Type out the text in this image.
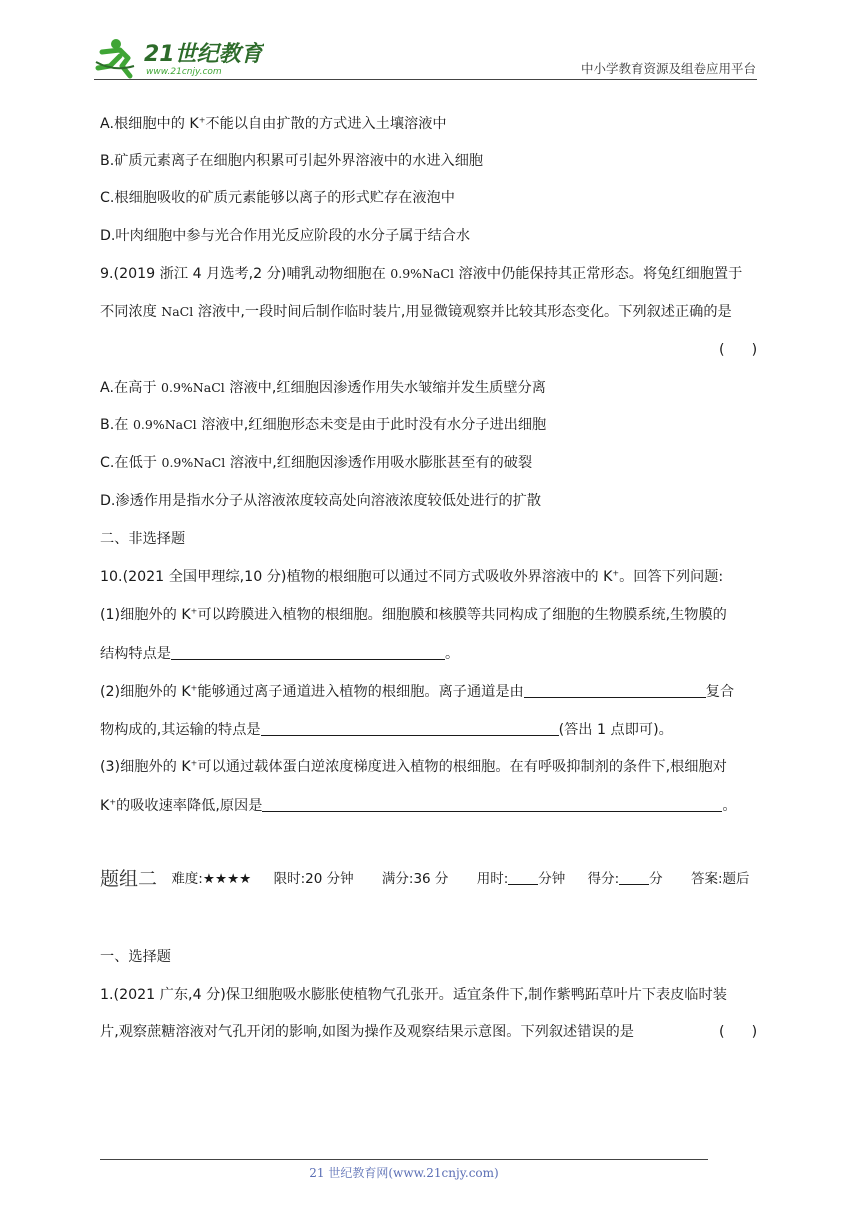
21世纪教育
www.21cnjy.com	中小学教育资源及组卷应用平台
A.根细胞中的 K+不能以自由扩散的方式进入土壤溶液中
B.矿质元素离子在细胞内积累可引起外界溶液中的水进入细胞
C.根细胞吸收的矿质元素能够以离子的形式贮存在液泡中
D.叶肉细胞中参与光合作用光反应阶段的水分子属于结合水
9.(2019 浙江 4 月选考,2 分)哺乳动物细胞在 0.9%NaCl 溶液中仍能保持其正常形态。将兔红细胞置于
不同浓度 NaCl 溶液中,一段时间后制作临时装片,用显微镜观察并比较其形态变化。下列叙述正确的是
(      )
A.在高于 0.9%NaCl 溶液中,红细胞因渗透作用失水皱缩并发生质壁分离
B.在 0.9%NaCl 溶液中,红细胞形态未变是由于此时没有水分子进出细胞
C.在低于 0.9%NaCl 溶液中,红细胞因渗透作用吸水膨胀甚至有的破裂
D.渗透作用是指水分子从溶液浓度较高处向溶液浓度较低处进行的扩散
二、非选择题
10.(2021 全国甲理综,10 分)植物的根细胞可以通过不同方式吸收外界溶液中的 K+。回答下列问题:
(1)细胞外的 K+可以跨膜进入植物的根细胞。细胞膜和核膜等共同构成了细胞的生物膜系统,生物膜的
结构特点是	。
(2)细胞外的 K+能够通过离子通道进入植物的根细胞。离子通道是由	复合
物构成的,其运输的特点是	(答出 1 点即可)。
(3)细胞外的 K+可以通过载体蛋白逆浓度梯度进入植物的根细胞。在有呼吸抑制剂的条件下,根细胞对
K+的吸收速率降低,原因是	。
题组二 难度:★★★★ 限时:20 分钟 满分:36 分 用时: 分钟 得分: 分 答案:题后
一、选择题
1.(2021 广东,4 分)保卫细胞吸水膨胀使植物气孔张开。适宜条件下,制作紫鸭跖草叶片下表皮临时装
片,观察蔗糖溶液对气孔开闭的影响,如图为操作及观察结果示意图。下列叙述错误的是	(      )
21 世纪教育网(www.21cnjy.com)
